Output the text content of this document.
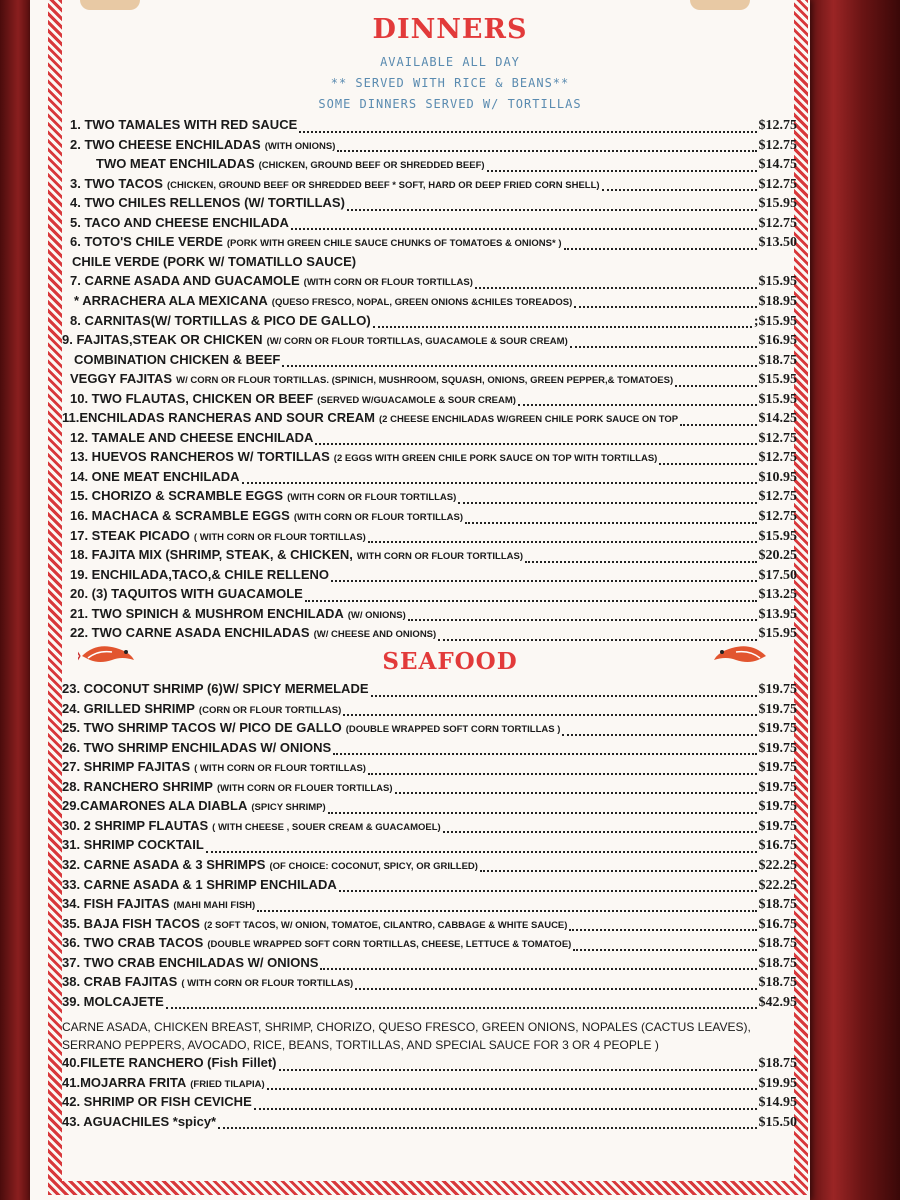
DINNERS
AVAILABLE ALL DAY
** SERVED WITH RICE & BEANS**
SOME DINNERS SERVED W/ TORTILLAS
1. TWO TAMALES WITH RED SAUCE	$12.75
2. TWO CHEESE ENCHILADAS (WITH ONIONS)	$12.75
TWO MEAT ENCHILADAS (CHICKEN, GROUND BEEF OR SHREDDED BEEF)	$14.75
3. TWO TACOS (CHICKEN, GROUND BEEF OR SHREDDED BEEF * SOFT, HARD OR DEEP FRIED CORN SHELL)	$12.75
4. TWO CHILES RELLENOS (W/ TORTILLAS)	$15.95
5. TACO AND CHEESE ENCHILADA	$12.75
6. TOTO'S CHILE VERDE (PORK WITH GREEN CHILE SAUCE CHUNKS OF TOMATOES & ONIONS* )	$13.50
CHILE VERDE (PORK W/ TOMATILLO SAUCE)
7. CARNE ASADA AND GUACAMOLE (WITH CORN OR FLOUR TORTILLAS)	$15.95
* ARRACHERA ALA MEXICANA (QUESO FRESCO, NOPAL, GREEN ONIONS &CHILES TOREADOS)	$18.95
8. CARNITAS(W/ TORTILLAS & PICO DE GALLO)	;$15.95
9. FAJITAS,STEAK OR CHICKEN (W/ CORN OR FLOUR TORTILLAS, GUACAMOLE & SOUR CREAM)	$16.95
COMBINATION CHICKEN & BEEF	$18.75
VEGGY FAJITAS W/ CORN OR FLOUR TORTILLAS. (SPINICH, MUSHROOM, SQUASH, ONIONS, GREEN PEPPER,& TOMATOES)	$15.95
10. TWO FLAUTAS, CHICKEN OR BEEF (SERVED W/GUACAMOLE & SOUR CREAM)	$15.95
11.ENCHILADAS RANCHERAS AND SOUR CREAM (2 CHEESE ENCHILADAS W/GREEN CHILE PORK SAUCE ON TOP	$14.25
12. TAMALE AND CHEESE ENCHILADA	$12.75
13. HUEVOS RANCHEROS W/ TORTILLAS (2 EGGS WITH GREEN CHILE PORK SAUCE ON TOP WITH TORTILLAS)	$12.75
14. ONE MEAT ENCHILADA	$10.95
15. CHORIZO & SCRAMBLE EGGS (WITH CORN OR FLOUR TORTILLAS)	$12.75
16. MACHACA & SCRAMBLE EGGS (WITH CORN OR FLOUR TORTILLAS)	$12.75
17. STEAK PICADO ( WITH CORN OR FLOUR TORTILLAS)	$15.95
18. FAJITA MIX (SHRIMP, STEAK, & CHICKEN, WITH CORN OR FLOUR TORTILLAS)	$20.25
19. ENCHILADA,TACO,& CHILE RELLENO	$17.50
20. (3) TAQUITOS WITH GUACAMOLE	$13.25
21. TWO SPINICH & MUSHROM ENCHILADA (W/ ONIONS)	$13.95
22. TWO CARNE ASADA ENCHILADAS (W/ CHEESE AND ONIONS)	$15.95
SEAFOOD
23. COCONUT SHRIMP (6)W/ SPICY MERMELADE	$19.75
24. GRILLED SHRIMP (CORN OR FLOUR TORTILLAS)	$19.75
25. TWO SHRIMP TACOS W/ PICO DE GALLO (DOUBLE WRAPPED SOFT CORN TORTILLAS )	$19.75
26. TWO SHRIMP ENCHILADAS W/ ONIONS	$19.75
27. SHRIMP FAJITAS ( WITH CORN OR FLOUR TORTILLAS)	$19.75
28. RANCHERO SHRIMP (WITH CORN OR FLOUER TORTILLAS)	$19.75
29.CAMARONES ALA DIABLA (SPICY SHRIMP)	$19.75
30. 2 SHRIMP FLAUTAS ( WITH CHEESE , SOUER CREAM & GUACAMOEL)	$19.75
31. SHRIMP COCKTAIL	$16.75
32. CARNE ASADA & 3 SHRIMPS (OF CHOICE: COCONUT, SPICY, OR GRILLED)	$22.25
33. CARNE ASADA & 1 SHRIMP ENCHILADA	$22.25
34. FISH FAJITAS (MAHI MAHI FISH)	$18.75
35. BAJA FISH TACOS (2 SOFT TACOS, W/ ONION, TOMATOE, CILANTRO, CABBAGE & WHITE SAUCE)	$16.75
36. TWO CRAB TACOS (DOUBLE WRAPPED SOFT CORN TORTILLAS, CHEESE, LETTUCE & TOMATOE)	$18.75
37. TWO CRAB ENCHILADAS W/ ONIONS	$18.75
38. CRAB FAJITAS ( WITH CORN OR FLOUR TORTILLAS)	$18.75
39. MOLCAJETE	$42.95
CARNE ASADA, CHICKEN BREAST, SHRIMP, CHORIZO, QUESO FRESCO, GREEN ONIONS, NOPALES (CACTUS LEAVES), SERRANO PEPPERS, AVOCADO, RICE, BEANS, TORTILLAS, AND SPECIAL SAUCE FOR 3 OR 4 PEOPLE )
40.FILETE RANCHERO (Fish Fillet)	$18.75
41.MOJARRA FRITA (FRIED TILAPIA)	$19.95
42. SHRIMP OR FISH CEVICHE	$14.95
43. AGUACHILES *spicy*	$15.50
